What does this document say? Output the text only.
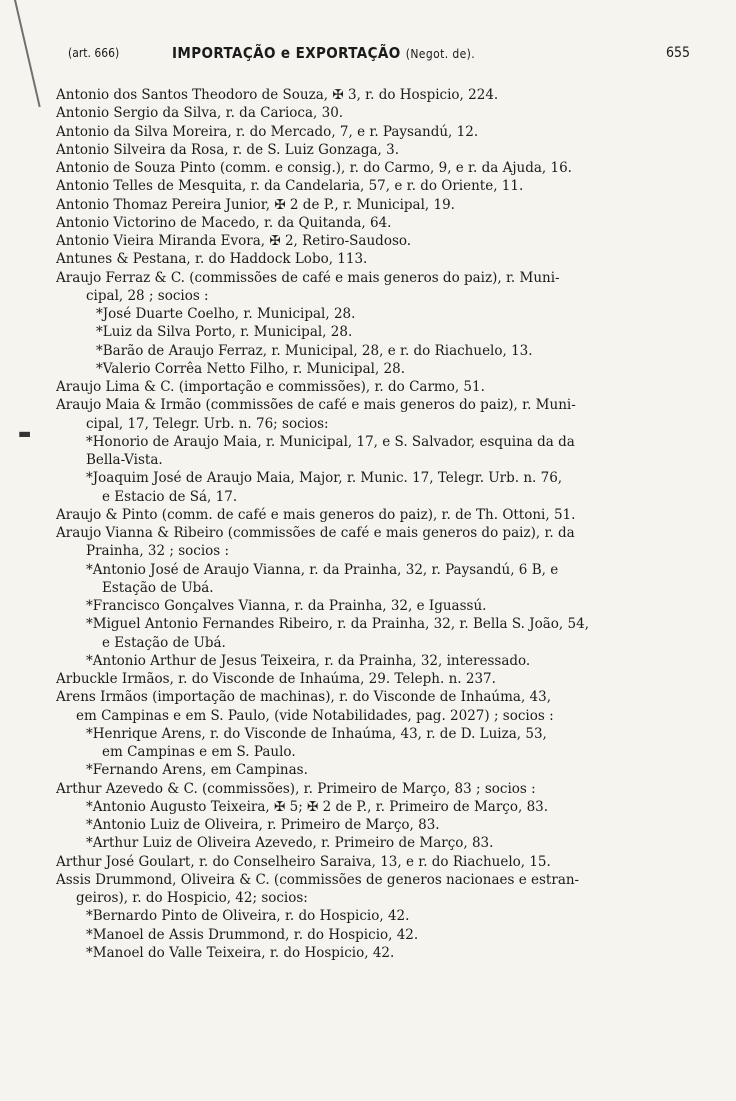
(art. 666)	IMPORTAÇÃO e EXPORTAÇÃO (Negot. de).	655
▬
Antonio dos Santos Theodoro de Souza, ✠ 3, r. do Hospicio, 224.
Antonio Sergio da Silva, r. da Carioca, 30.
Antonio da Silva Moreira, r. do Mercado, 7, e r. Paysandú, 12.
Antonio Silveira da Rosa, r. de S. Luiz Gonzaga, 3.
Antonio de Souza Pinto (comm. e consig.), r. do Carmo, 9, e r. da Ajuda, 16.
Antonio Telles de Mesquita, r. da Candelaria, 57, e r. do Oriente, 11.
Antonio Thomaz Pereira Junior, ✠ 2 de P., r. Municipal, 19.
Antonio Victorino de Macedo, r. da Quitanda, 64.
Antonio Vieira Miranda Evora, ✠ 2, Retiro-Saudoso.
Antunes & Pestana, r. do Haddock Lobo, 113.
Araujo Ferraz & C. (commissões de café e mais generos do paiz), r. Muni-
cipal, 28 ; socios :
*José Duarte Coelho, r. Municipal, 28.
*Luiz da Silva Porto, r. Municipal, 28.
*Barão de Araujo Ferraz, r. Municipal, 28, e r. do Riachuelo, 13.
*Valerio Corrêa Netto Filho, r. Municipal, 28.
Araujo Lima & C. (importação e commissões), r. do Carmo, 51.
Araujo Maia & Irmão (commissões de café e mais generos do paiz), r. Muni-
cipal, 17, Telegr. Urb. n. 76; socios:
*Honorio de Araujo Maia, r. Municipal, 17, e S. Salvador, esquina da da
Bella-Vista.
*Joaquim José de Araujo Maia, Major, r. Munic. 17, Telegr. Urb. n. 76,
e Estacio de Sá, 17.
Araujo & Pinto (comm. de café e mais generos do paiz), r. de Th. Ottoni, 51.
Araujo Vianna & Ribeiro (commissões de café e mais generos do paiz), r. da
Prainha, 32 ; socios :
*Antonio José de Araujo Vianna, r. da Prainha, 32, r. Paysandú, 6 B, e
Estação de Ubá.
*Francisco Gonçalves Vianna, r. da Prainha, 32, e Iguassú.
*Miguel Antonio Fernandes Ribeiro, r. da Prainha, 32, r. Bella S. João, 54,
e Estação de Ubá.
*Antonio Arthur de Jesus Teixeira, r. da Prainha, 32, interessado.
Arbuckle Irmãos, r. do Visconde de Inhaúma, 29. Teleph. n. 237.
Arens Irmãos (importação de machinas), r. do Visconde de Inhaúma, 43,
em Campinas e em S. Paulo, (vide Notabilidades, pag. 2027) ; socios :
*Henrique Arens, r. do Visconde de Inhaúma, 43, r. de D. Luiza, 53,
em Campinas e em S. Paulo.
*Fernando Arens, em Campinas.
Arthur Azevedo & C. (commissões), r. Primeiro de Março, 83 ; socios :
*Antonio Augusto Teixeira, ✠ 5; ✠ 2 de P., r. Primeiro de Março, 83.
*Antonio Luiz de Oliveira, r. Primeiro de Março, 83.
*Arthur Luiz de Oliveira Azevedo, r. Primeiro de Março, 83.
Arthur José Goulart, r. do Conselheiro Saraiva, 13, e r. do Riachuelo, 15.
Assis Drummond, Oliveira & C. (commissões de generos nacionaes e estran-
geiros), r. do Hospicio, 42; socios:
*Bernardo Pinto de Oliveira, r. do Hospicio, 42.
*Manoel de Assis Drummond, r. do Hospicio, 42.
*Manoel do Valle Teixeira, r. do Hospicio, 42.
